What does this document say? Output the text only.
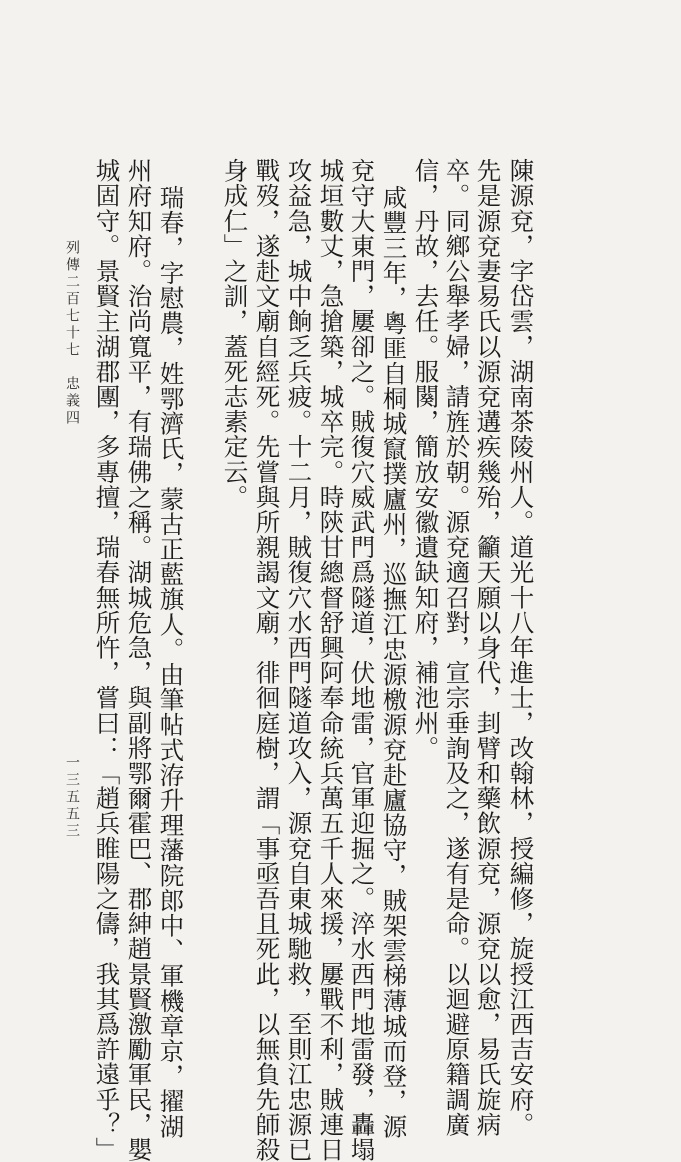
陳源兗，字岱雲，湖南茶陵州人。道光十八年進士，改翰林，授編修，旋授江西吉安府。
先是源兗妻易氏以源兗遘疾幾殆，籲天願以身代，刲臂和藥飲源兗，源兗以愈，易氏旋病
卒。同鄉公舉孝婦，請旌於朝。源兗適召對，宣宗垂詢及之，遂有是命。以迴避原籍調廣
信，丹故，去任。服闋，簡放安徽遺缺知府，補池州。
咸豐三年，粵匪自桐城竄撲廬州，巡撫江忠源檄源兗赴廬協守，賊架雲梯薄城而登，源
兗守大東門，屢卻之。賊復穴威武門爲隧道，伏地雷，官軍迎掘之。淬水西門地雷發，轟塌
城垣數丈，急搶築，城卒完。時陝甘總督舒興阿奉命統兵萬五千人來援，屢戰不利，賊連日
攻益急，城中餉乏兵疲。十二月，賊復穴水西門隧道攻入，源兗自東城馳救，至則江忠源已
戰歿，遂赴文廟自經死。先嘗與所親謁文廟，徘徊庭樹，謂「事亟吾且死此，以無負先師殺
身成仁」之訓，蓋死志素定云。
瑞春，字慰農，姓鄂濟氏，蒙古正藍旗人。由筆帖式洊升理藩院郎中、軍機章京，擢湖
州府知府。治尚寬平，有瑞佛之稱。湖城危急，與副將鄂爾霍巴、郡紳趙景賢激勵軍民，嬰
城固守。景賢主湖郡團，多專擅，瑞春無所忤，嘗曰：「趙兵睢陽之儔，我其爲許遠乎？」
列傳二百七十七　忠義四
一三五五三
